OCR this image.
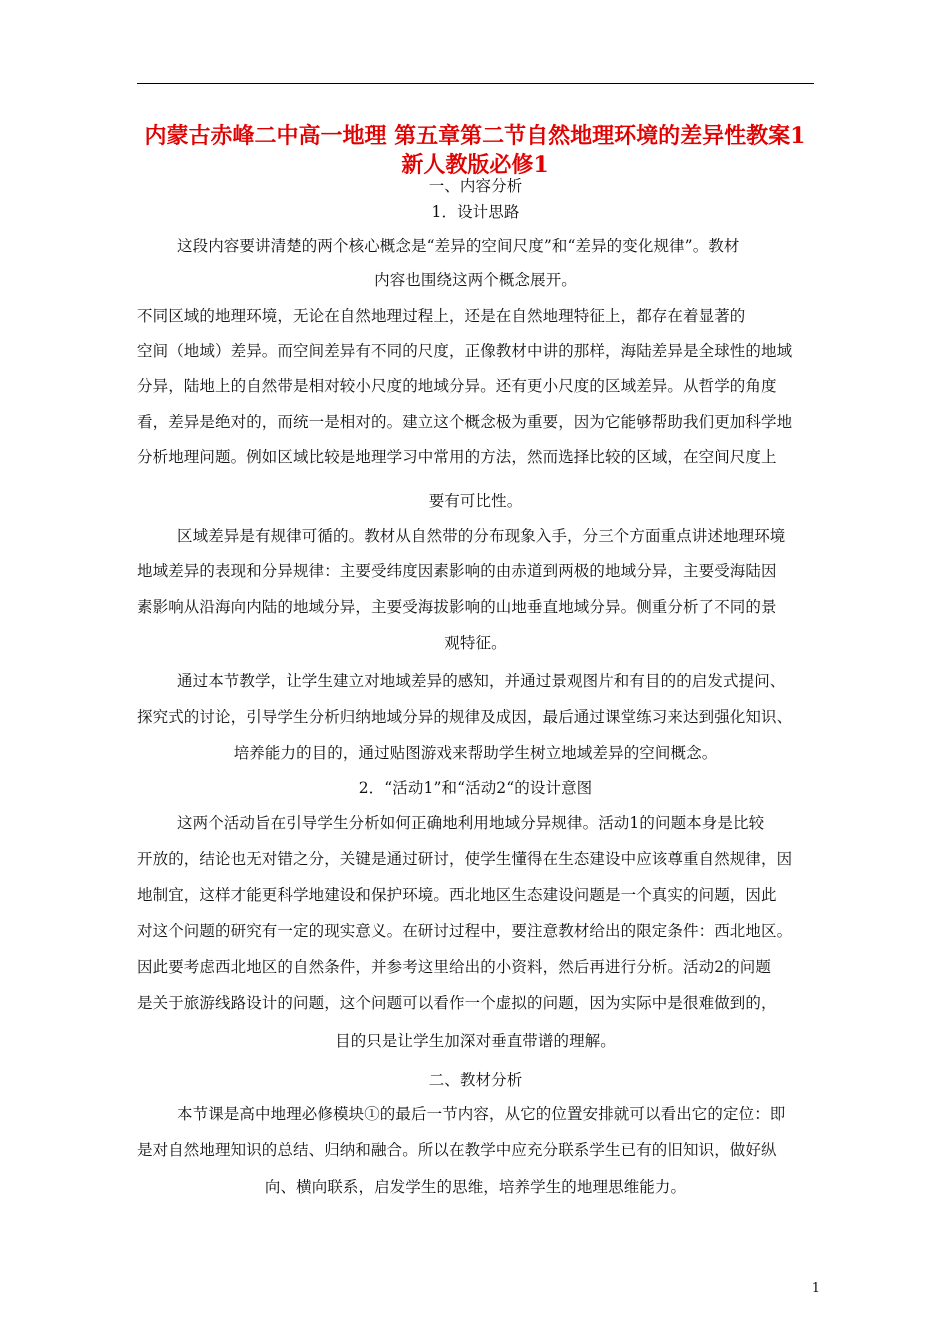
内蒙古赤峰二中高一地理 第五章第二节自然地理环境的差异性教案1
新人教版必修1
一、内容分析
1．设计思路
这段内容要讲清楚的两个核心概念是“差异的空间尺度”和“差异的变化规律”。教材
内容也围绕这两个概念展开。
不同区域的地理环境，无论在自然地理过程上，还是在自然地理特征上，都存在着显著的
空间（地域）差异。而空间差异有不同的尺度，正像教材中讲的那样，海陆差异是全球性的地域
分异，陆地上的自然带是相对较小尺度的地域分异。还有更小尺度的区域差异。从哲学的角度
看，差异是绝对的，而统一是相对的。建立这个概念极为重要，因为它能够帮助我们更加科学地
分析地理问题。例如区域比较是地理学习中常用的方法，然而选择比较的区域，在空间尺度上
要有可比性。
区域差异是有规律可循的。教材从自然带的分布现象入手，分三个方面重点讲述地理环境
地域差异的表现和分异规律：主要受纬度因素影响的由赤道到两极的地域分异，主要受海陆因
素影响从沿海向内陆的地域分异，主要受海拔影响的山地垂直地域分异。侧重分析了不同的景
观特征。
通过本节教学，让学生建立对地域差异的感知，并通过景观图片和有目的的启发式提问、
探究式的讨论，引导学生分析归纳地域分异的规律及成因，最后通过课堂练习来达到强化知识、
培养能力的目的，通过贴图游戏来帮助学生树立地域差异的空间概念。
2．“活动1”和“活动2“的设计意图
这两个活动旨在引导学生分析如何正确地利用地域分异规律。活动1的问题本身是比较
开放的，结论也无对错之分，关键是通过研讨，使学生懂得在生态建设中应该尊重自然规律，因
地制宜，这样才能更科学地建设和保护环境。西北地区生态建设问题是一个真实的问题，因此
对这个问题的研究有一定的现实意义。在研讨过程中，要注意教材给出的限定条件：西北地区。
因此要考虑西北地区的自然条件，并参考这里给出的小资料，然后再进行分析。活动2的问题
是关于旅游线路设计的问题，这个问题可以看作一个虚拟的问题，因为实际中是很难做到的，
目的只是让学生加深对垂直带谱的理解。
二、教材分析
本节课是高中地理必修模块①的最后一节内容，从它的位置安排就可以看出它的定位：即
是对自然地理知识的总结、归纳和融合。所以在教学中应充分联系学生已有的旧知识，做好纵
向、横向联系，启发学生的思维，培养学生的地理思维能力。
1
